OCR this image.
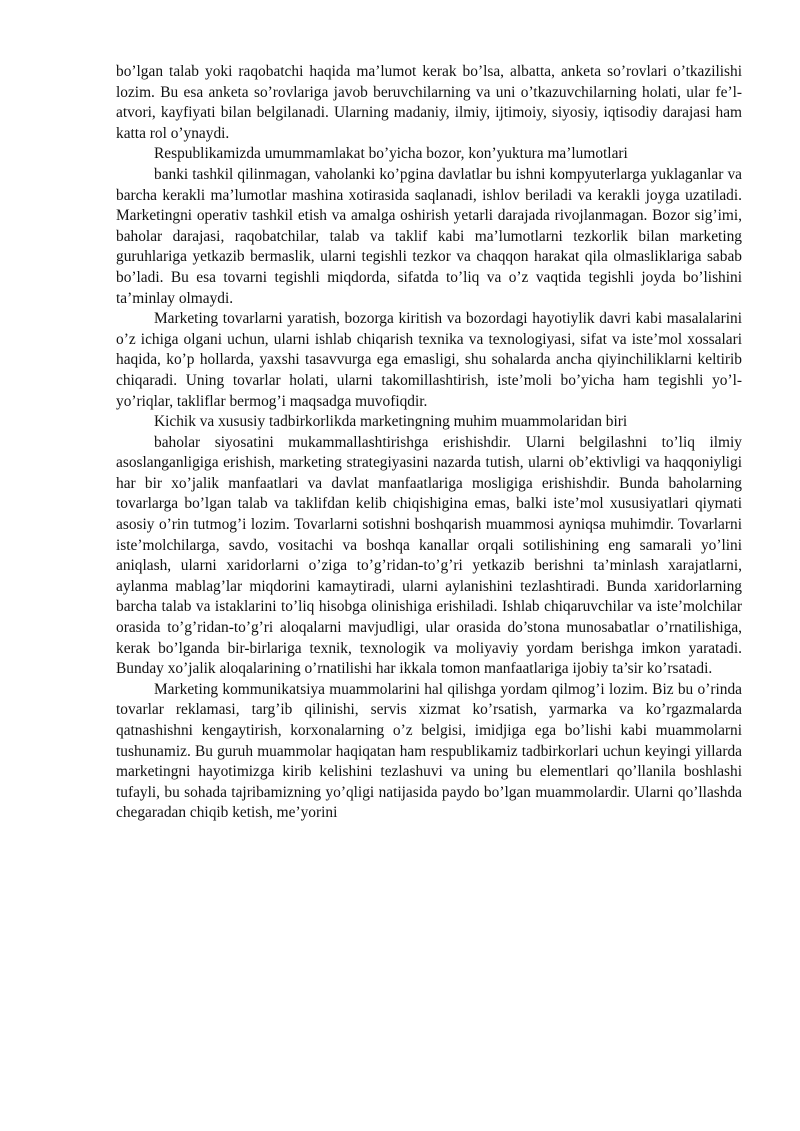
bo’lgan talab yoki raqobatchi haqida ma’lumot kerak bo’lsa, albatta, anketa so’rovlari o’tkazilishi lozim. Bu esa anketa so’rovlariga javob beruvchilarning va uni o’tkazuvchilarning holati, ular fe’l-atvori, kayfiyati bilan belgilanadi. Ularning madaniy, ilmiy, ijtimoiy, siyosiy, iqtisodiy darajasi ham katta rol o’ynaydi.

Respublikamizda umummamlakat bo’yicha bozor, kon’yuktura ma’lumotlari

banki tashkil qilinmagan, vaholanki ko’pgina davlatlar bu ishni kompyuterlarga yuklaganlar va barcha kerakli ma’lumotlar mashina xotirasida saqlanadi, ishlov beriladi va kerakli joyga uzatiladi. Marketingni operativ tashkil etish va amalga oshirish yetarli darajada rivojlanmagan. Bozor sig’imi, baholar darajasi, raqobatchilar, talab va taklif kabi ma’lumotlarni tezkorlik bilan marketing guruhlariga yetkazib bermaslik, ularni tegishli tezkor va chaqqon harakat qila olmasliklariga sabab bo’ladi. Bu esa tovarni tegishli miqdorda, sifatda to’liq va o’z vaqtida tegishli joyda bo’lishini ta’minlay olmaydi.

Marketing tovarlarni yaratish, bozorga kiritish va bozordagi hayotiylik davri kabi masalalarini o’z ichiga olgani uchun, ularni ishlab chiqarish texnika va texnologiyasi, sifat va iste’mol xossalari haqida, ko’p hollarda, yaxshi tasavvurga ega emasligi, shu sohalarda ancha qiyinchiliklarni keltirib chiqaradi. Uning tovarlar holati, ularni takomillashtirish, iste’moli bo’yicha ham tegishli yo’l-yo’riqlar, takliflar bermog’i maqsadga muvofiqdir.

Kichik va xususiy tadbirkorlikda marketingning muhim muammolaridan biri

baholar siyosatini mukammallashtirishga erishishdir. Ularni belgilashni to’liq ilmiy asoslanganligiga erishish, marketing strategiyasini nazarda tutish, ularni ob’ektivligi va haqqoniyligi har bir xo’jalik manfaatlari va davlat manfaatlariga mosligiga erishishdir. Bunda baholarning tovarlarga bo’lgan talab va taklifdan kelib chiqishigina emas, balki iste’mol xususiyatlari qiymati asosiy o’rin tutmog’i lozim. Tovarlarni sotishni boshqarish muammosi ayniqsa muhimdir. Tovarlarni iste’molchilarga, savdo, vositachi va boshqa kanallar orqali sotilishining eng samarali yo’lini aniqlash, ularni xaridorlarni o’ziga to’g’ridan-to’g’ri yetkazib berishni ta’minlash xarajatlarni, aylanma mablag’lar miqdorini kamaytiradi, ularni aylanishini tezlashtiradi. Bunda xaridorlarning barcha talab va istaklarini to’liq hisobga olinishiga erishiladi. Ishlab chiqaruvchilar va iste’molchilar orasida to’g’ridan-to’g’ri aloqalarni mavjudligi, ular orasida do’stona munosabatlar o’rnatilishiga, kerak bo’lganda bir-birlariga texnik, texnologik va moliyaviy yordam berishga imkon yaratadi. Bunday xo’jalik aloqalarining o’rnatilishi har ikkala tomon manfaatlariga ijobiy ta’sir ko’rsatadi.

Marketing kommunikatsiya muammolarini hal qilishga yordam qilmog’i lozim. Biz bu o’rinda tovarlar reklamasi, targ’ib qilinishi, servis xizmat ko’rsatish, yarmarka va ko’rgazmalarda qatnashishni kengaytirish, korxonalarning o’z belgisi, imidjiga ega bo’lishi kabi muammolarni tushunamiz. Bu guruh muammolar haqiqatan ham respublikamiz tadbirkorlari uchun keyingi yillarda marketingni hayotimizga kirib kelishini tezlashuvi va uning bu elementlari qo’llanila boshlashi tufayli, bu sohada tajribamizning yo’qligi natijasida paydo bo’lgan muammolardir. Ularni qo’llashda chegaradan chiqib ketish, me’yorini
